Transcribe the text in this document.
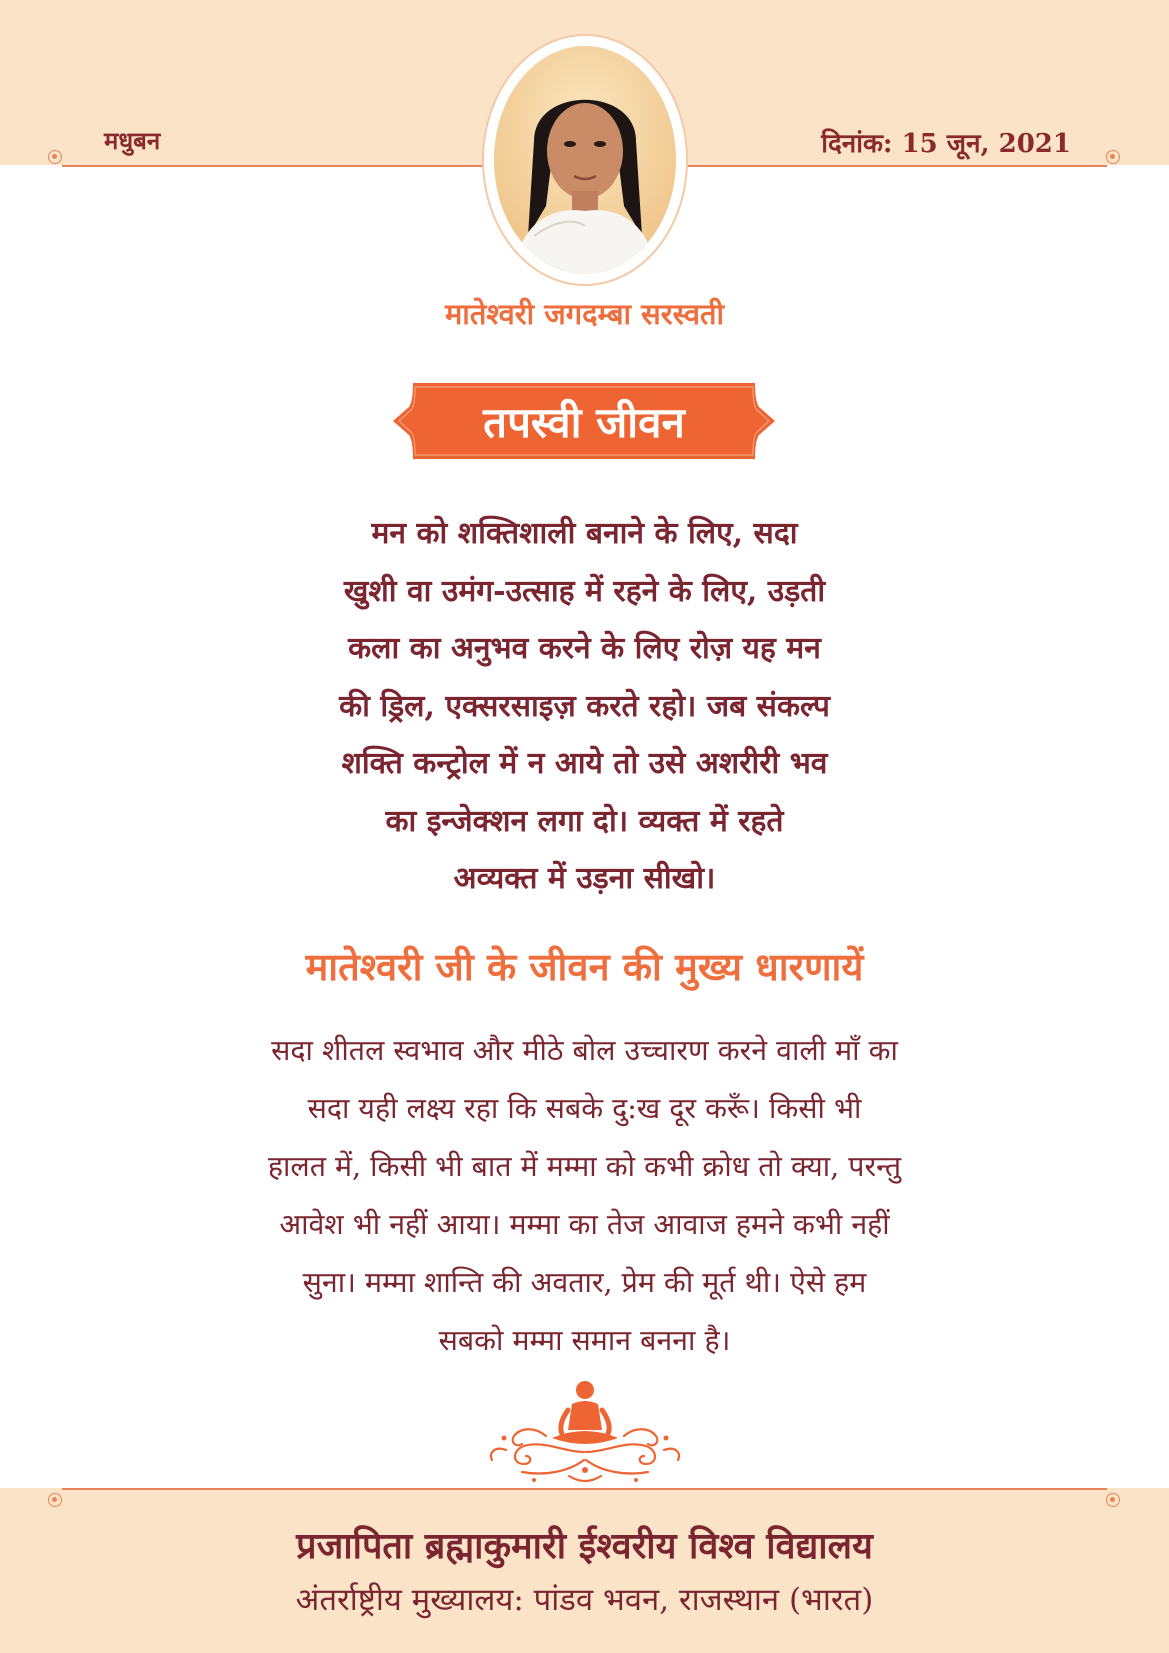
मधुबन	दिनांक: 15 जून, 2021
मातेश्वरी जगदम्बा सरस्वती
तपस्वी जीवन
मन को शक्तिशाली बनाने के लिए, सदा
खुशी वा उमंग-उत्साह में रहने के लिए, उड़ती
कला का अनुभव करने के लिए रोज़ यह मन
की ड्रिल, एक्सरसाइज़ करते रहो। जब संकल्प
शक्ति कन्ट्रोल में न आये तो उसे अशरीरी भव
का इन्जेक्शन लगा दो। व्यक्त में रहते
अव्यक्त में उड़ना सीखो।
मातेश्वरी जी के जीवन की मुख्य धारणायें
सदा शीतल स्वभाव और मीठे बोल उच्चारण करने वाली माँ का
सदा यही लक्ष्य रहा कि सबके दु:ख दूर करूँ। किसी भी
हालत में, किसी भी बात में मम्मा को कभी क्रोध तो क्या, परन्तु
आवेश भी नहीं आया। मम्मा का तेज आवाज हमने कभी नहीं
सुना। मम्मा शान्ति की अवतार, प्रेम की मूर्त थी। ऐसे हम
सबको मम्मा समान बनना है।
प्रजापिता ब्रह्माकुमारी ईश्वरीय विश्व विद्यालय
अंतर्राष्ट्रीय मुख्यालय: पांडव भवन, राजस्थान (भारत)
